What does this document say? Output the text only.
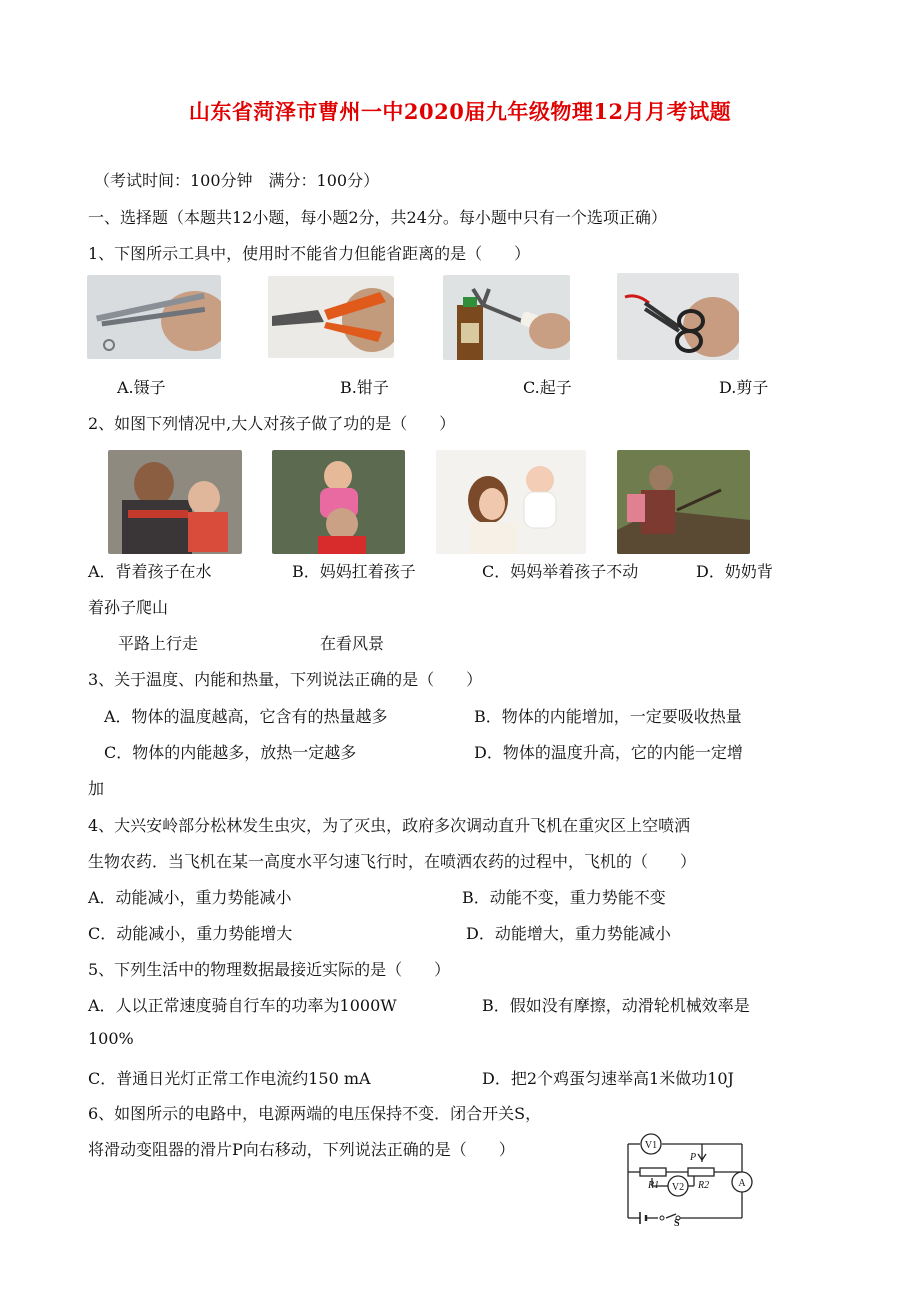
山东省菏泽市曹州一中2020届九年级物理12月月考试题
（考试时间：100分钟　满分：100分）
一、选择题（本题共12小题，每小题2分，共24分。每小题中只有一个选项正确）
1、下图所示工具中，使用时不能省力但能省距离的是（　　）
A.镊子	B.钳子	C.起子	D.剪子
2、如图下列情况中,大人对孩子做了功的是（　　）
A．背着孩子在水	B．妈妈扛着孩子	C．妈妈举着孩子不动	D．奶奶背
着孙子爬山
平路上行走	在看风景
3、关于温度、内能和热量，下列说法正确的是（　　）
A．物体的温度越高，它含有的热量越多	B．物体的内能增加，一定要吸收热量
C．物体的内能越多，放热一定越多	D．物体的温度升高，它的内能一定增
加
4、大兴安岭部分松林发生虫灾，为了灭虫，政府多次调动直升飞机在重灾区上空喷洒
生物农药．当飞机在某一高度水平匀速飞行时，在喷洒农药的过程中，飞机的（　　）
A．动能减小，重力势能减小	B．动能不变，重力势能不变
C．动能减小，重力势能增大	D．动能增大，重力势能减小
5、下列生活中的物理数据最接近实际的是（　　）
A．人以正常速度骑自行车的功率为1000W	B．假如没有摩擦，动滑轮机械效率是
100%
C．普通日光灯正常工作电流约150 mA	D．把2个鸡蛋匀速举高1米做功10J
6、如图所示的电路中，电源两端的电压保持不变．闭合开关S，
将滑动变阻器的滑片P向右移动，下列说法正确的是（　　）	V1
V2	A
R1	R2
P
S
